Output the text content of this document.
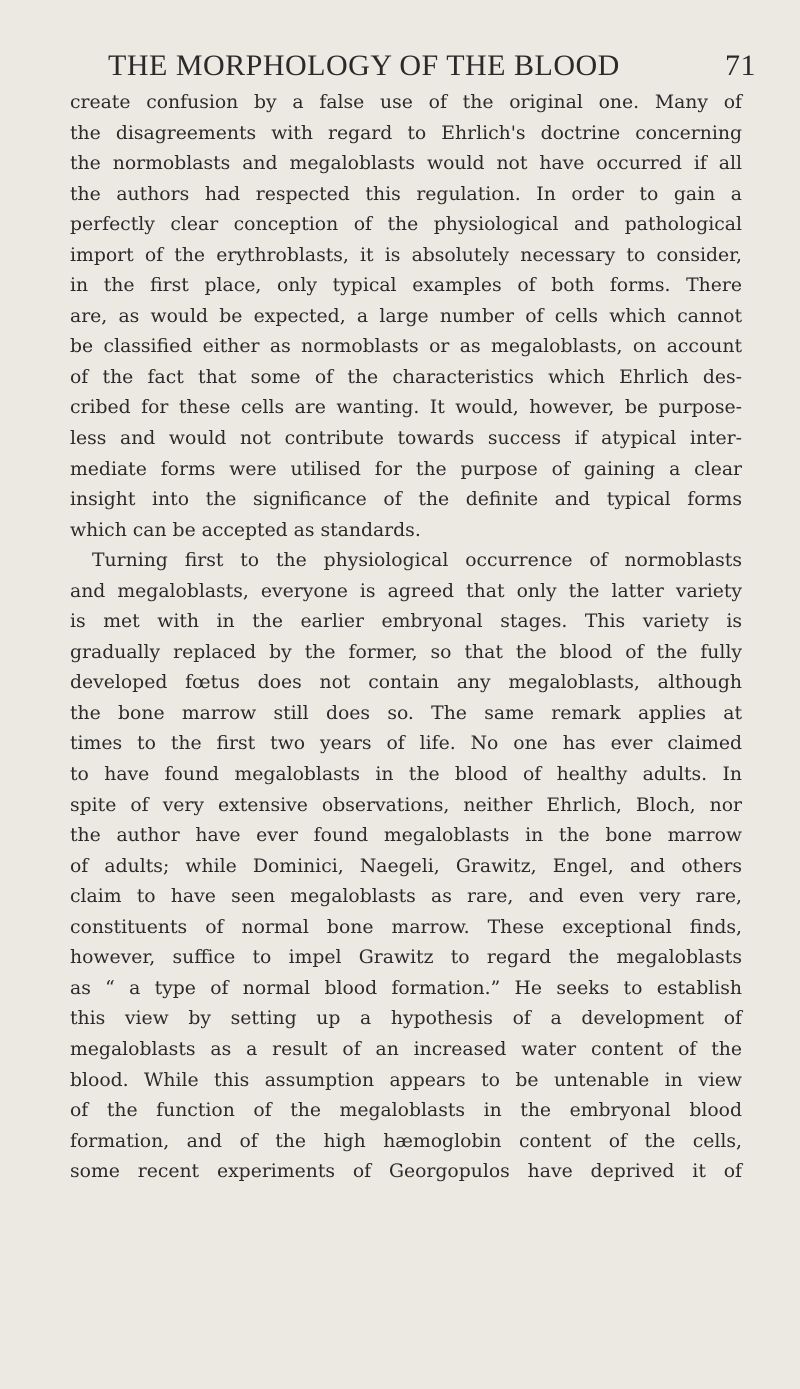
THE MORPHOLOGY OF THE BLOOD	71
create confusion by a false use of the original one. Many of
the disagreements with regard to Ehrlich's doctrine concerning
the normoblasts and megaloblasts would not have occurred if all
the authors had respected this regulation. In order to gain a
perfectly clear conception of the physiological and pathological
import of the erythroblasts, it is absolutely necessary to consider,
in the first place, only typical examples of both forms. There
are, as would be expected, a large number of cells which cannot
be classified either as normoblasts or as megaloblasts, on account
of the fact that some of the characteristics which Ehrlich des-
cribed for these cells are wanting. It would, however, be purpose-
less and would not contribute towards success if atypical inter-
mediate forms were utilised for the purpose of gaining a clear
insight into the significance of the definite and typical forms
which can be accepted as standards.
Turning first to the physiological occurrence of normoblasts
and megaloblasts, everyone is agreed that only the latter variety
is met with in the earlier embryonal stages. This variety is
gradually replaced by the former, so that the blood of the fully
developed fœtus does not contain any megaloblasts, although
the bone marrow still does so. The same remark applies at
times to the first two years of life. No one has ever claimed
to have found megaloblasts in the blood of healthy adults. In
spite of very extensive observations, neither Ehrlich, Bloch, nor
the author have ever found megaloblasts in the bone marrow
of adults; while Dominici, Naegeli, Grawitz, Engel, and others
claim to have seen megaloblasts as rare, and even very rare,
constituents of normal bone marrow. These exceptional finds,
however, suffice to impel Grawitz to regard the megaloblasts
as “ a type of normal blood formation.” He seeks to establish
this view by setting up a hypothesis of a development of
megaloblasts as a result of an increased water content of the
blood. While this assumption appears to be untenable in view
of the function of the megaloblasts in the embryonal blood
formation, and of the high hæmoglobin content of the cells,
some recent experiments of Georgopulos have deprived it of
